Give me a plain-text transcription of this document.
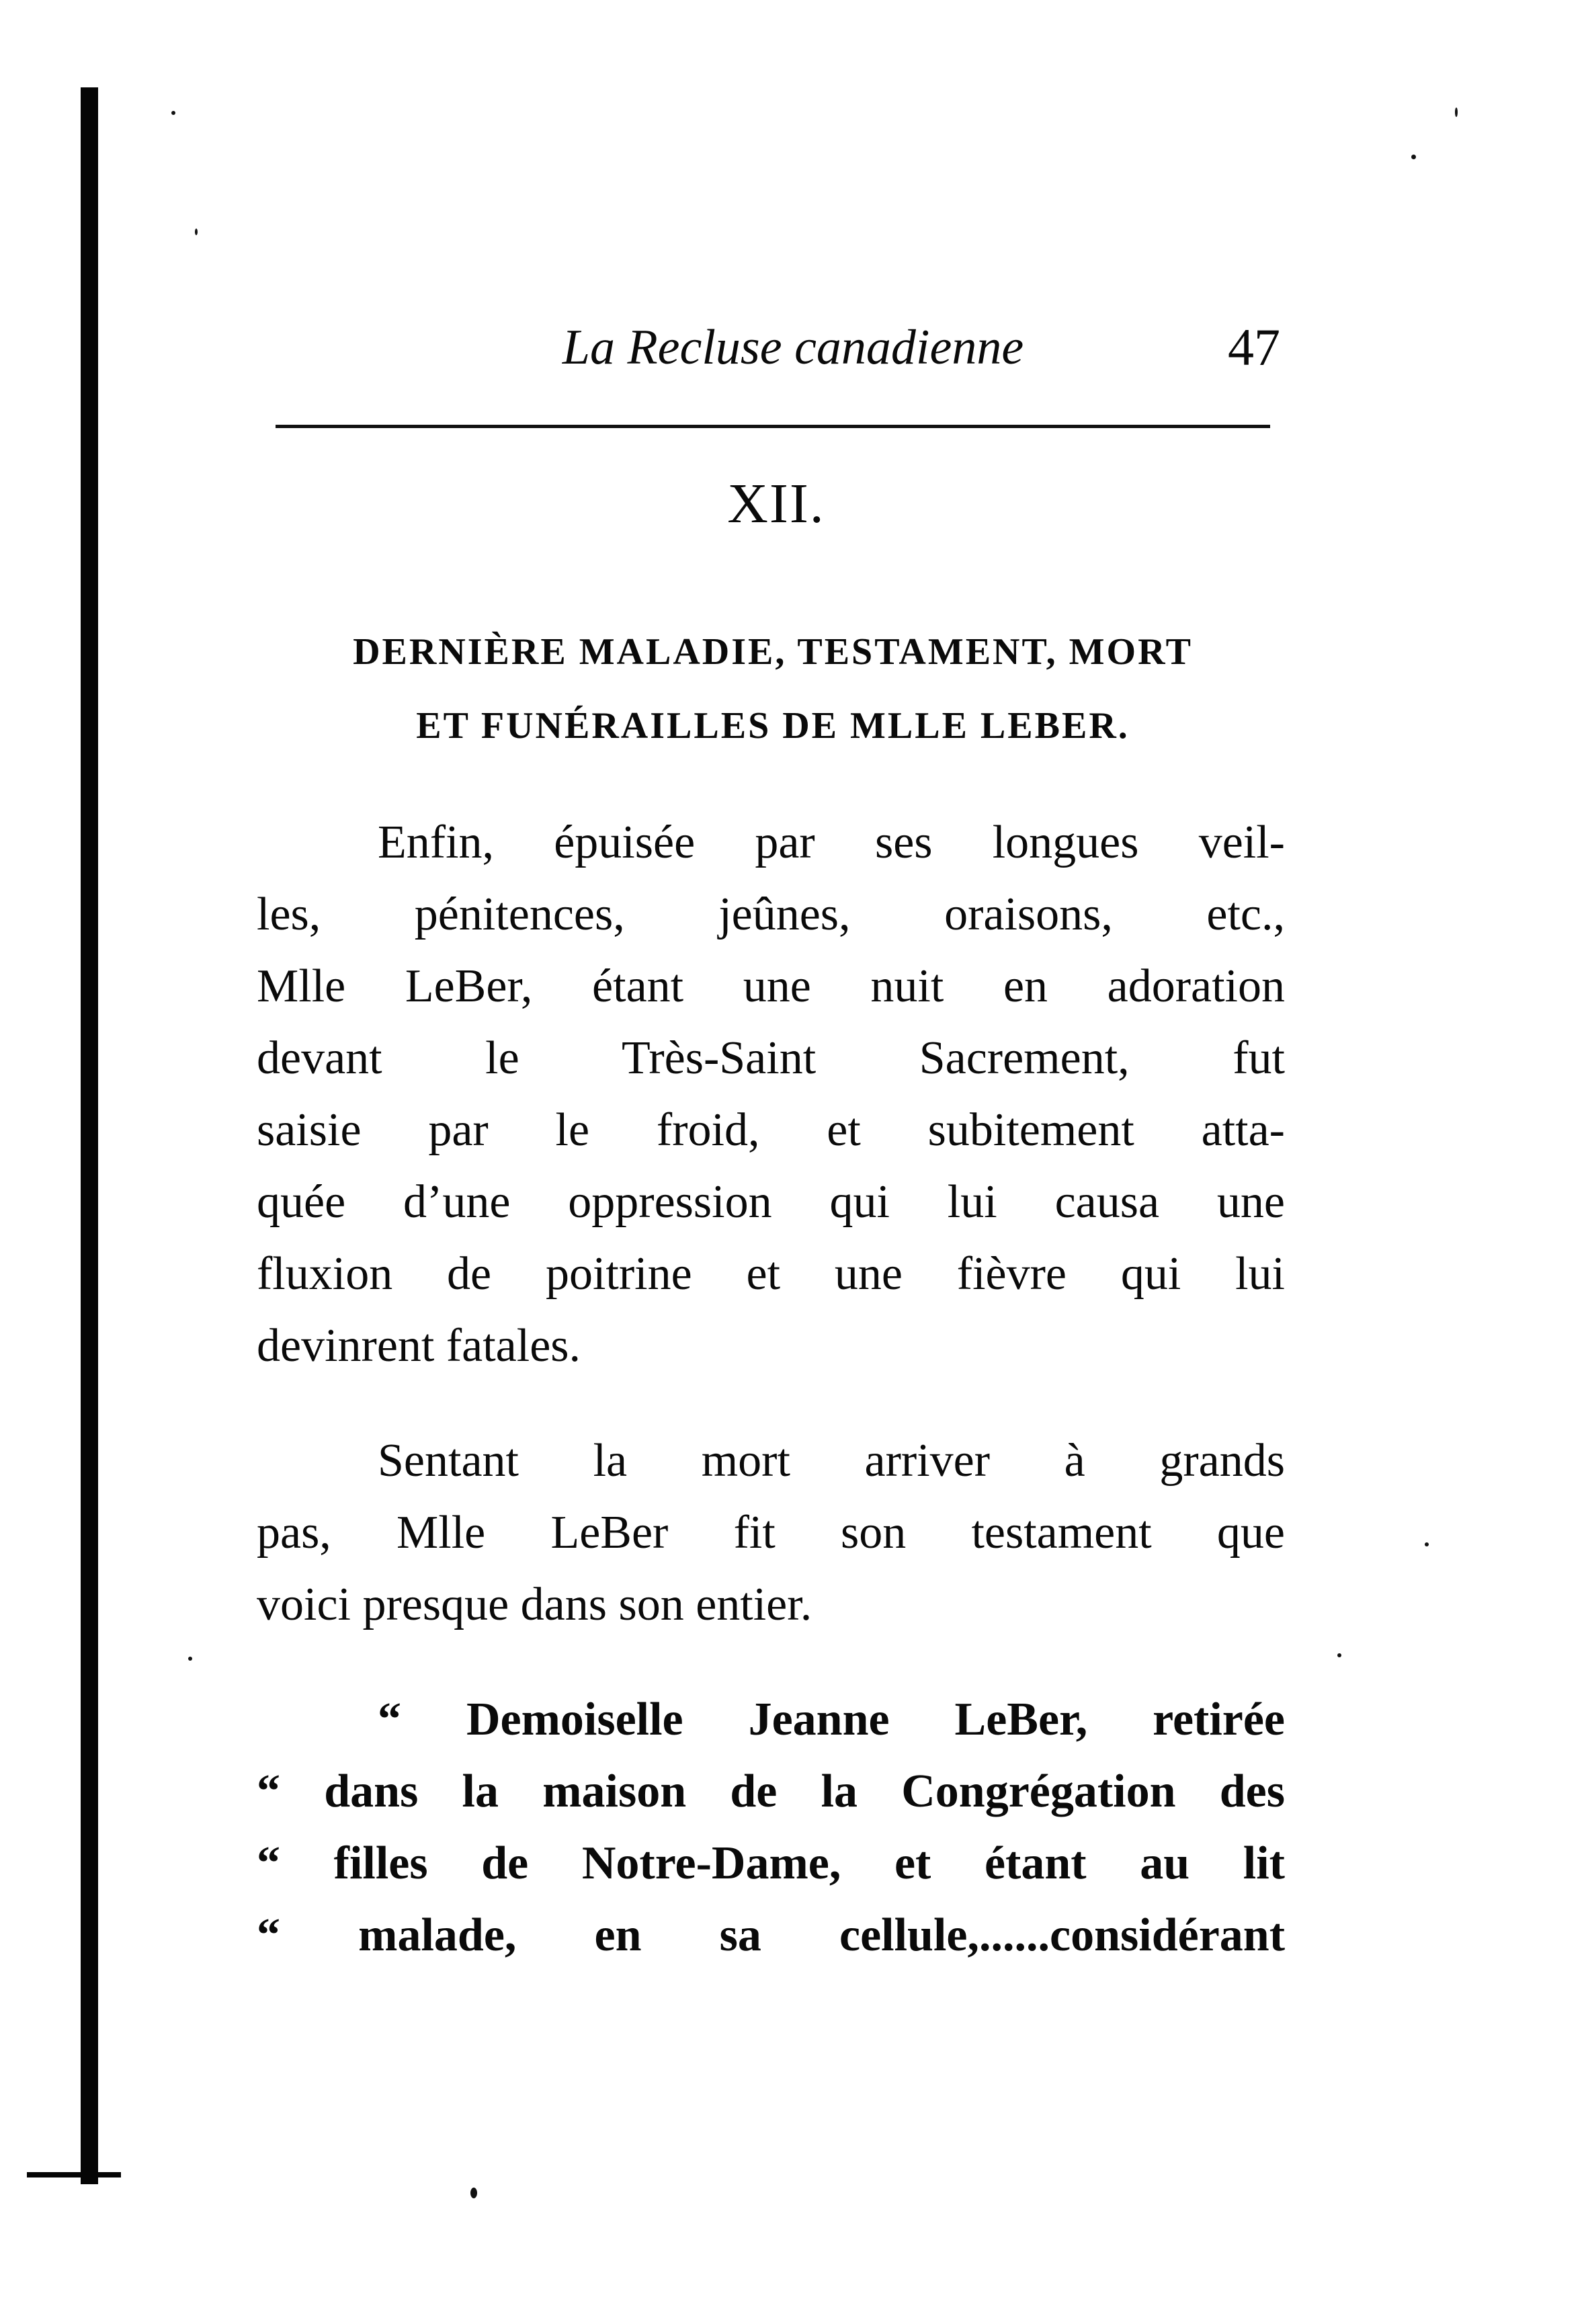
La Recluse canadienne	47
XII.
DERNIÈRE MALADIE, TESTAMENT, MORT
ET FUNÉRAILLES DE MLLE LEBER.
Enfin, épuisée par ses longues veil-
les, pénitences, jeûnes, oraisons, etc.,
Mlle LeBer, étant une nuit en adoration
devant le Très-Saint Sacrement, fut
saisie par le froid, et subitement atta-
quée d’une oppression qui lui causa une
fluxion de poitrine et une fièvre qui lui
devinrent fatales.
Sentant la mort arriver à grands
pas, Mlle LeBer fit son testament que
voici presque dans son entier.
“ Demoiselle Jeanne LeBer, retirée
“ dans la maison de la Congrégation des
“ filles de Notre-Dame, et étant au lit
“ malade, en sa cellule,......considérant
